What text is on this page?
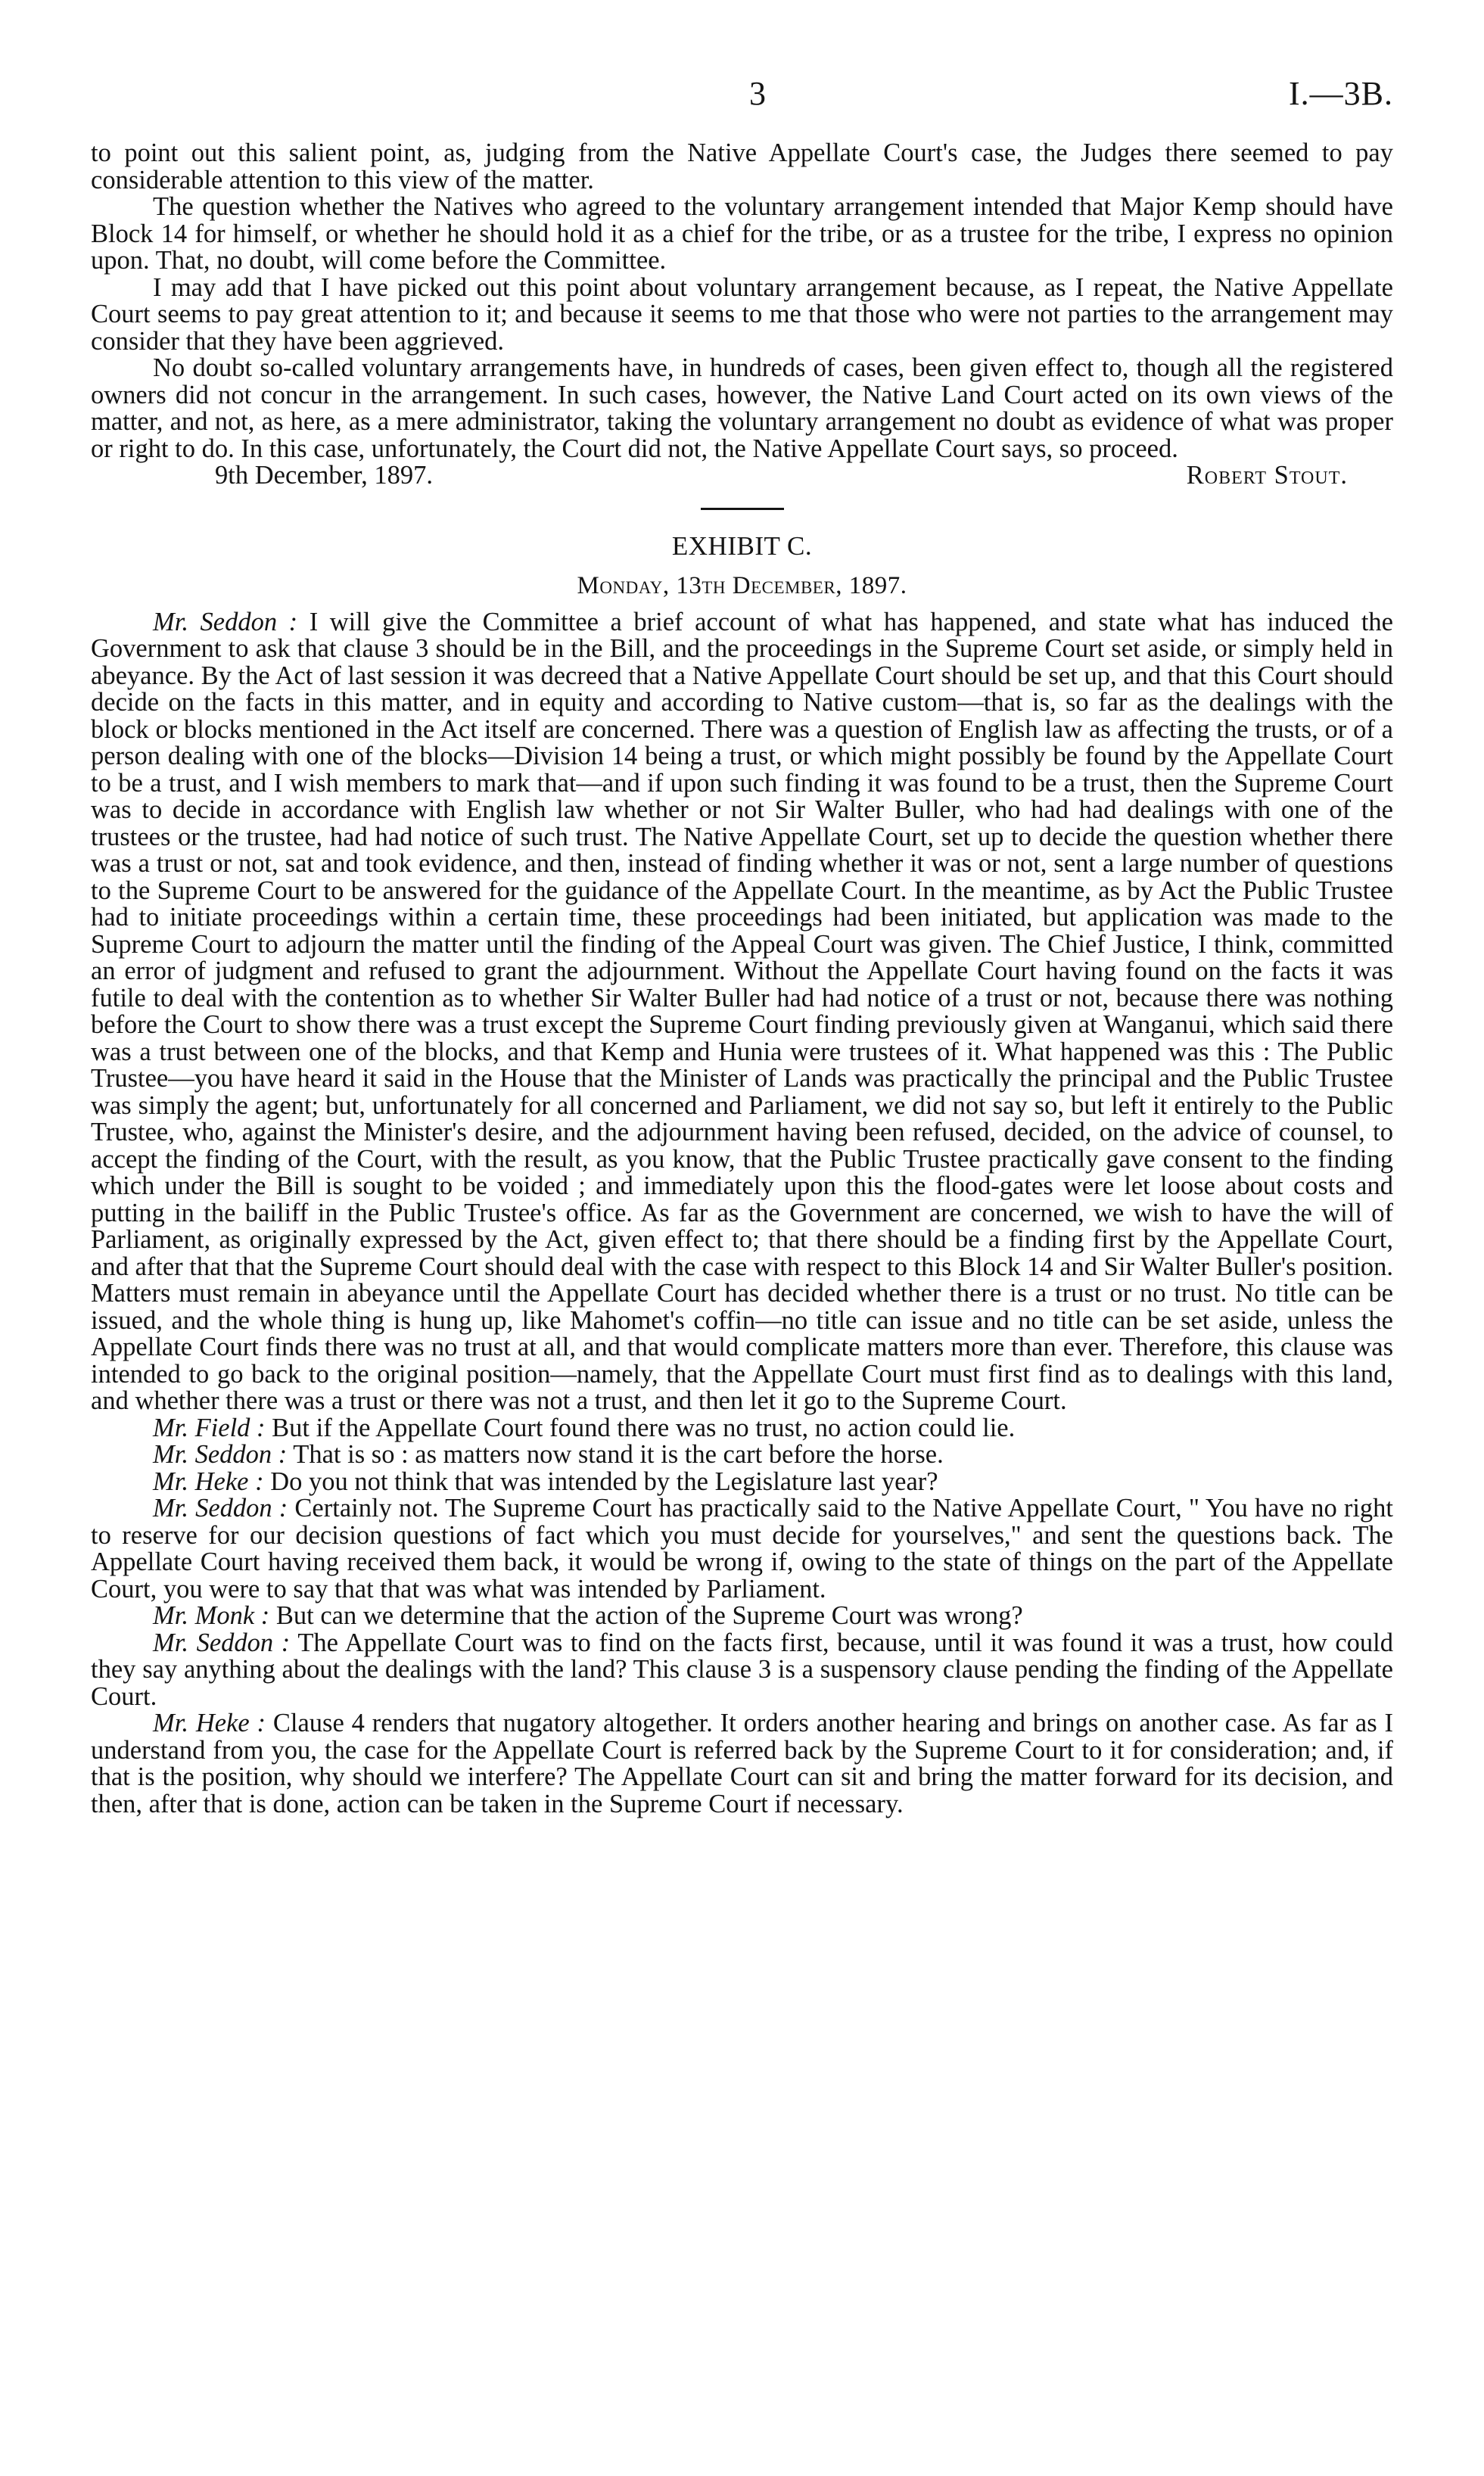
3	I.—3B.

to point out this salient point, as, judging from the Native Appellate Court's case, the Judges there seemed to pay considerable attention to this view of the matter.

The question whether the Natives who agreed to the voluntary arrangement intended that Major Kemp should have Block 14 for himself, or whether he should hold it as a chief for the tribe, or as a trustee for the tribe, I express no opinion upon. That, no doubt, will come before the Committee.

I may add that I have picked out this point about voluntary arrangement because, as I repeat, the Native Appellate Court seems to pay great attention to it; and because it seems to me that those who were not parties to the arrangement may consider that they have been aggrieved.

No doubt so-called voluntary arrangements have, in hundreds of cases, been given effect to, though all the registered owners did not concur in the arrangement. In such cases, however, the Native Land Court acted on its own views of the matter, and not, as here, as a mere administrator, taking the voluntary arrangement no doubt as evidence of what was proper or right to do. In this case, unfortunately, the Court did not, the Native Appellate Court says, so proceed.

9th December, 1897.	Robert Stout.

EXHIBIT C.
Monday, 13th December, 1897.

Mr. Seddon : I will give the Committee a brief account of what has happened, and state what has induced the Government to ask that clause 3 should be in the Bill, and the proceedings in the Supreme Court set aside, or simply held in abeyance. By the Act of last session it was decreed that a Native Appellate Court should be set up, and that this Court should decide on the facts in this matter, and in equity and according to Native custom—that is, so far as the dealings with the block or blocks mentioned in the Act itself are concerned. There was a question of English law as affecting the trusts, or of a person dealing with one of the blocks—Division 14 being a trust, or which might possibly be found by the Appellate Court to be a trust, and I wish members to mark that—and if upon such finding it was found to be a trust, then the Supreme Court was to decide in accordance with English law whether or not Sir Walter Buller, who had had dealings with one of the trustees or the trustee, had had notice of such trust. The Native Appellate Court, set up to decide the question whether there was a trust or not, sat and took evidence, and then, instead of finding whether it was or not, sent a large number of questions to the Supreme Court to be answered for the guidance of the Appellate Court. In the meantime, as by Act the Public Trustee had to initiate proceedings within a certain time, these proceedings had been initiated, but application was made to the Supreme Court to adjourn the matter until the finding of the Appeal Court was given. The Chief Justice, I think, committed an error of judgment and refused to grant the adjournment. Without the Appellate Court having found on the facts it was futile to deal with the contention as to whether Sir Walter Buller had had notice of a trust or not, because there was nothing before the Court to show there was a trust except the Supreme Court finding previously given at Wanganui, which said there was a trust between one of the blocks, and that Kemp and Hunia were trustees of it. What happened was this : The Public Trustee—you have heard it said in the House that the Minister of Lands was practically the principal and the Public Trustee was simply the agent; but, unfortunately for all concerned and Parliament, we did not say so, but left it entirely to the Public Trustee, who, against the Minister's desire, and the adjournment having been refused, decided, on the advice of counsel, to accept the finding of the Court, with the result, as you know, that the Public Trustee practically gave consent to the finding which under the Bill is sought to be voided ; and immediately upon this the flood-gates were let loose about costs and putting in the bailiff in the Public Trustee's office. As far as the Government are concerned, we wish to have the will of Parliament, as originally expressed by the Act, given effect to; that there should be a finding first by the Appellate Court, and after that that the Supreme Court should deal with the case with respect to this Block 14 and Sir Walter Buller's position. Matters must remain in abeyance until the Appellate Court has decided whether there is a trust or no trust. No title can be issued, and the whole thing is hung up, like Mahomet's coffin—no title can issue and no title can be set aside, unless the Appellate Court finds there was no trust at all, and that would complicate matters more than ever. Therefore, this clause was intended to go back to the original position—namely, that the Appellate Court must first find as to dealings with this land, and whether there was a trust or there was not a trust, and then let it go to the Supreme Court.

Mr. Field : But if the Appellate Court found there was no trust, no action could lie.

Mr. Seddon : That is so : as matters now stand it is the cart before the horse.

Mr. Heke : Do you not think that was intended by the Legislature last year?

Mr. Seddon : Certainly not. The Supreme Court has practically said to the Native Appellate Court, " You have no right to reserve for our decision questions of fact which you must decide for yourselves," and sent the questions back. The Appellate Court having received them back, it would be wrong if, owing to the state of things on the part of the Appellate Court, you were to say that that was what was intended by Parliament.

Mr. Monk : But can we determine that the action of the Supreme Court was wrong?

Mr. Seddon : The Appellate Court was to find on the facts first, because, until it was found it was a trust, how could they say anything about the dealings with the land? This clause 3 is a suspensory clause pending the finding of the Appellate Court.

Mr. Heke : Clause 4 renders that nugatory altogether. It orders another hearing and brings on another case. As far as I understand from you, the case for the Appellate Court is referred back by the Supreme Court to it for consideration; and, if that is the position, why should we interfere? The Appellate Court can sit and bring the matter forward for its decision, and then, after that is done, action can be taken in the Supreme Court if necessary.
